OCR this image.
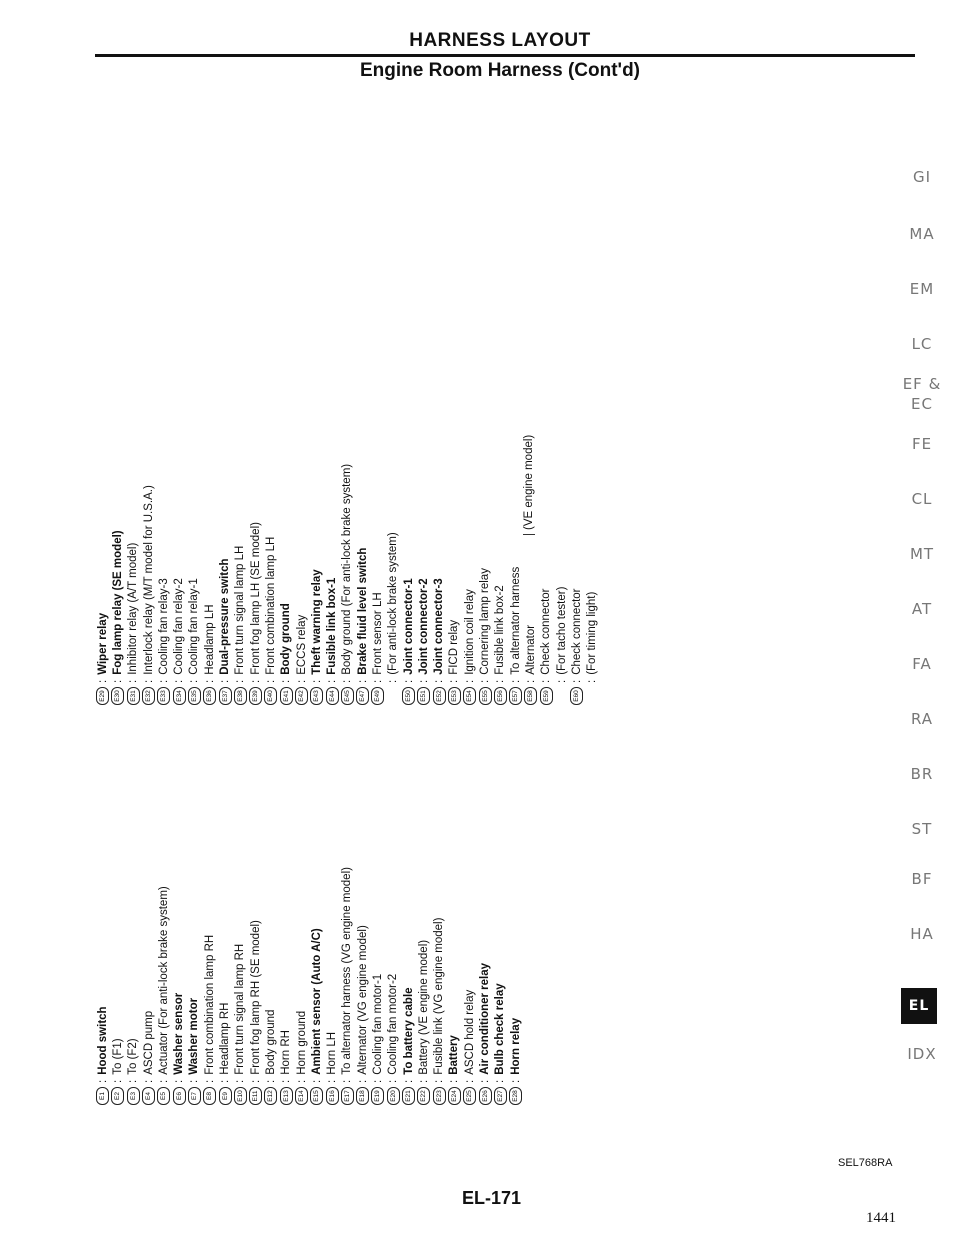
HARNESS LAYOUT
Engine Room Harness (Cont'd)
E1
:
Hood switch
E2
:
To (F1)
E3
:
To (F2)
E4
:
ASCD pump
E5
:
Actuator (For anti-lock brake system)
E6
:
Washer sensor
E7
:
Washer motor
E8
:
Front combination lamp RH
E9
:
Headlamp RH
E10
:
Front turn signal lamp RH
E11
:
Front fog lamp RH (SE model)
E12
:
Body ground
E13
:
Horn RH
E14
:
Horn ground
E15
:
Ambient sensor (Auto A/C)
E16
:
Horn LH
E17
:
To alternator harness (VG engine model)
E18
:
Alternator (VG engine model)
E19
:
Cooling fan motor-1
E20
:
Cooling fan motor-2
E21
:
To battery cable
E22
:
Battery (VE engine model)
E23
:
Fusible link (VG engine model)
E24
:
Battery
E25
:
ASCD hold relay
E26
:
Air conditioner relay
E27
:
Bulb check relay
E28
:
Horn relay
E29
:
Wiper relay
E30
:
Fog lamp relay (SE model)
E31
:
Inhibitor relay (A/T model)
E32
:
Interlock relay (M/T model for U.S.A.)
E33
:
Cooling fan relay-3
E34
:
Cooling fan relay-2
E35
:
Cooling fan relay-1
E36
:
Headlamp LH
E37
:
Dual-pressure switch
E38
:
Front turn signal lamp LH
E39
:
Front fog lamp LH (SE model)
E40
:
Front combination lamp LH
E41
:
Body ground
E42
:
ECCS relay
E43
:
Theft warning relay
E44
:
Fusible link box-1
E45
:
Body ground (For anti-lock brake system)
E47
:
Brake fluid level switch
E49
:
Front sensor LH
:
(For anti-lock brake system)
E50
:
Joint connector-1
E51
:
Joint connector-2
E52
:
Joint connector-3
E53
:
FICD relay
E54
:
Ignition coil relay
E55
:
Cornering lamp relay
E56
:
Fusible link box-2
E57
:
To alternator harness
E58
:
Alternator
E59
:
Check connector
:
(For tacho tester)
E60
:
Check connector
:
(For timing light)
(VE engine model)
GI
MA
EM
LC
EF &
EC
FE
CL
MT
AT
FA
RA
BR
ST
BF
HA
EL
IDX
SEL768RA
EL-171
1441
